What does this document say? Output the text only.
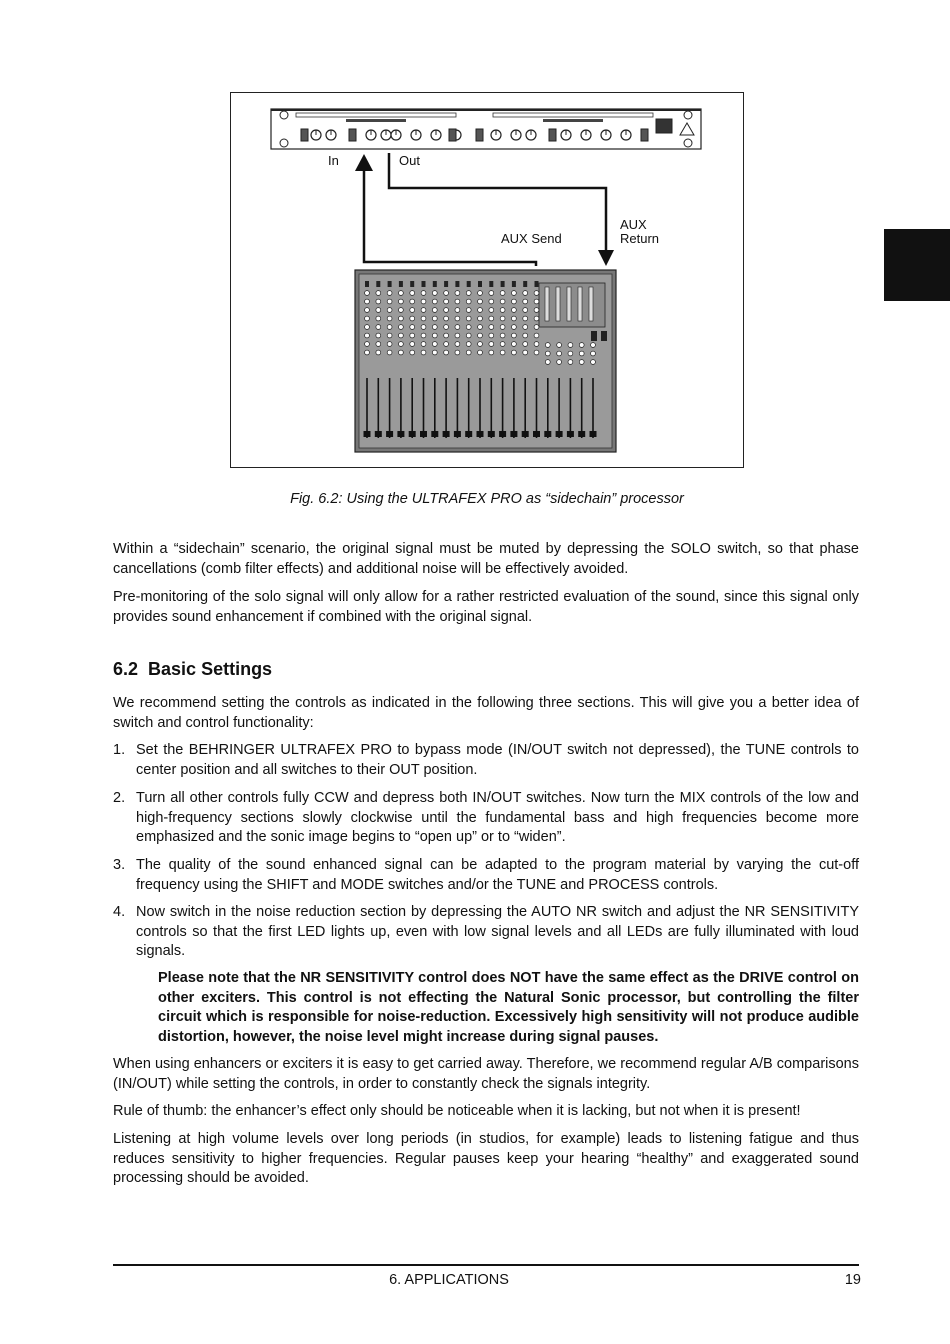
In	Out
AUX Send
AUX
Return
Fig. 6.2: Using the ULTRAFEX PRO as “sidechain” processor
Within a “sidechain” scenario, the original signal must be muted by depressing the SOLO switch, so that phase cancellations (comb filter effects) and additional noise will be effectively avoided.
Pre-monitoring of the solo signal will only allow for a rather restricted evaluation of the sound, since this signal only provides sound enhancement if combined with the original signal.
6.2 Basic Settings
We recommend setting the controls as indicated in the following three sections. This will give you a better idea of switch and control functionality:
1. Set the BEHRINGER ULTRAFEX PRO to bypass mode (IN/OUT switch not depressed), the TUNE controls to center position and all switches to their OUT position.
2. Turn all other controls fully CCW and depress both IN/OUT switches. Now turn the MIX controls of the low and high-frequency sections slowly clockwise until the fundamental bass and high frequencies become more emphasized and the sonic image begins to “open up” or to “widen”.
3. The quality of the sound enhanced signal can be adapted to the program material by varying the cut-off frequency using the SHIFT and MODE switches and/or the TUNE and PROCESS controls.
4. Now switch in the noise reduction section by depressing the AUTO NR switch and adjust the NR SENSITIVITY controls so that the first LED lights up, even with low signal levels and all LEDs are fully illuminated with loud signals.
Please note that the NR SENSITIVITY control does NOT have the same effect as the DRIVE control on other exciters. This control is not effecting the Natural Sonic processor, but controlling the filter circuit which is responsible for noise-reduction. Excessively high sensitivity will not produce audible distortion, however, the noise level might increase during signal pauses.
When using enhancers or exciters it is easy to get carried away. Therefore, we recommend regular A/B comparisons (IN/OUT) while setting the controls, in order to constantly check the signals integrity.
Rule of thumb: the enhancer’s effect only should be noticeable when it is lacking, but not when it is present!
Listening at high volume levels over long periods (in studios, for example) leads to listening fatigue and thus reduces sensitivity to higher frequencies. Regular pauses keep your hearing “healthy” and exaggerated sound processing should be avoided.
6. APPLICATIONS	19
